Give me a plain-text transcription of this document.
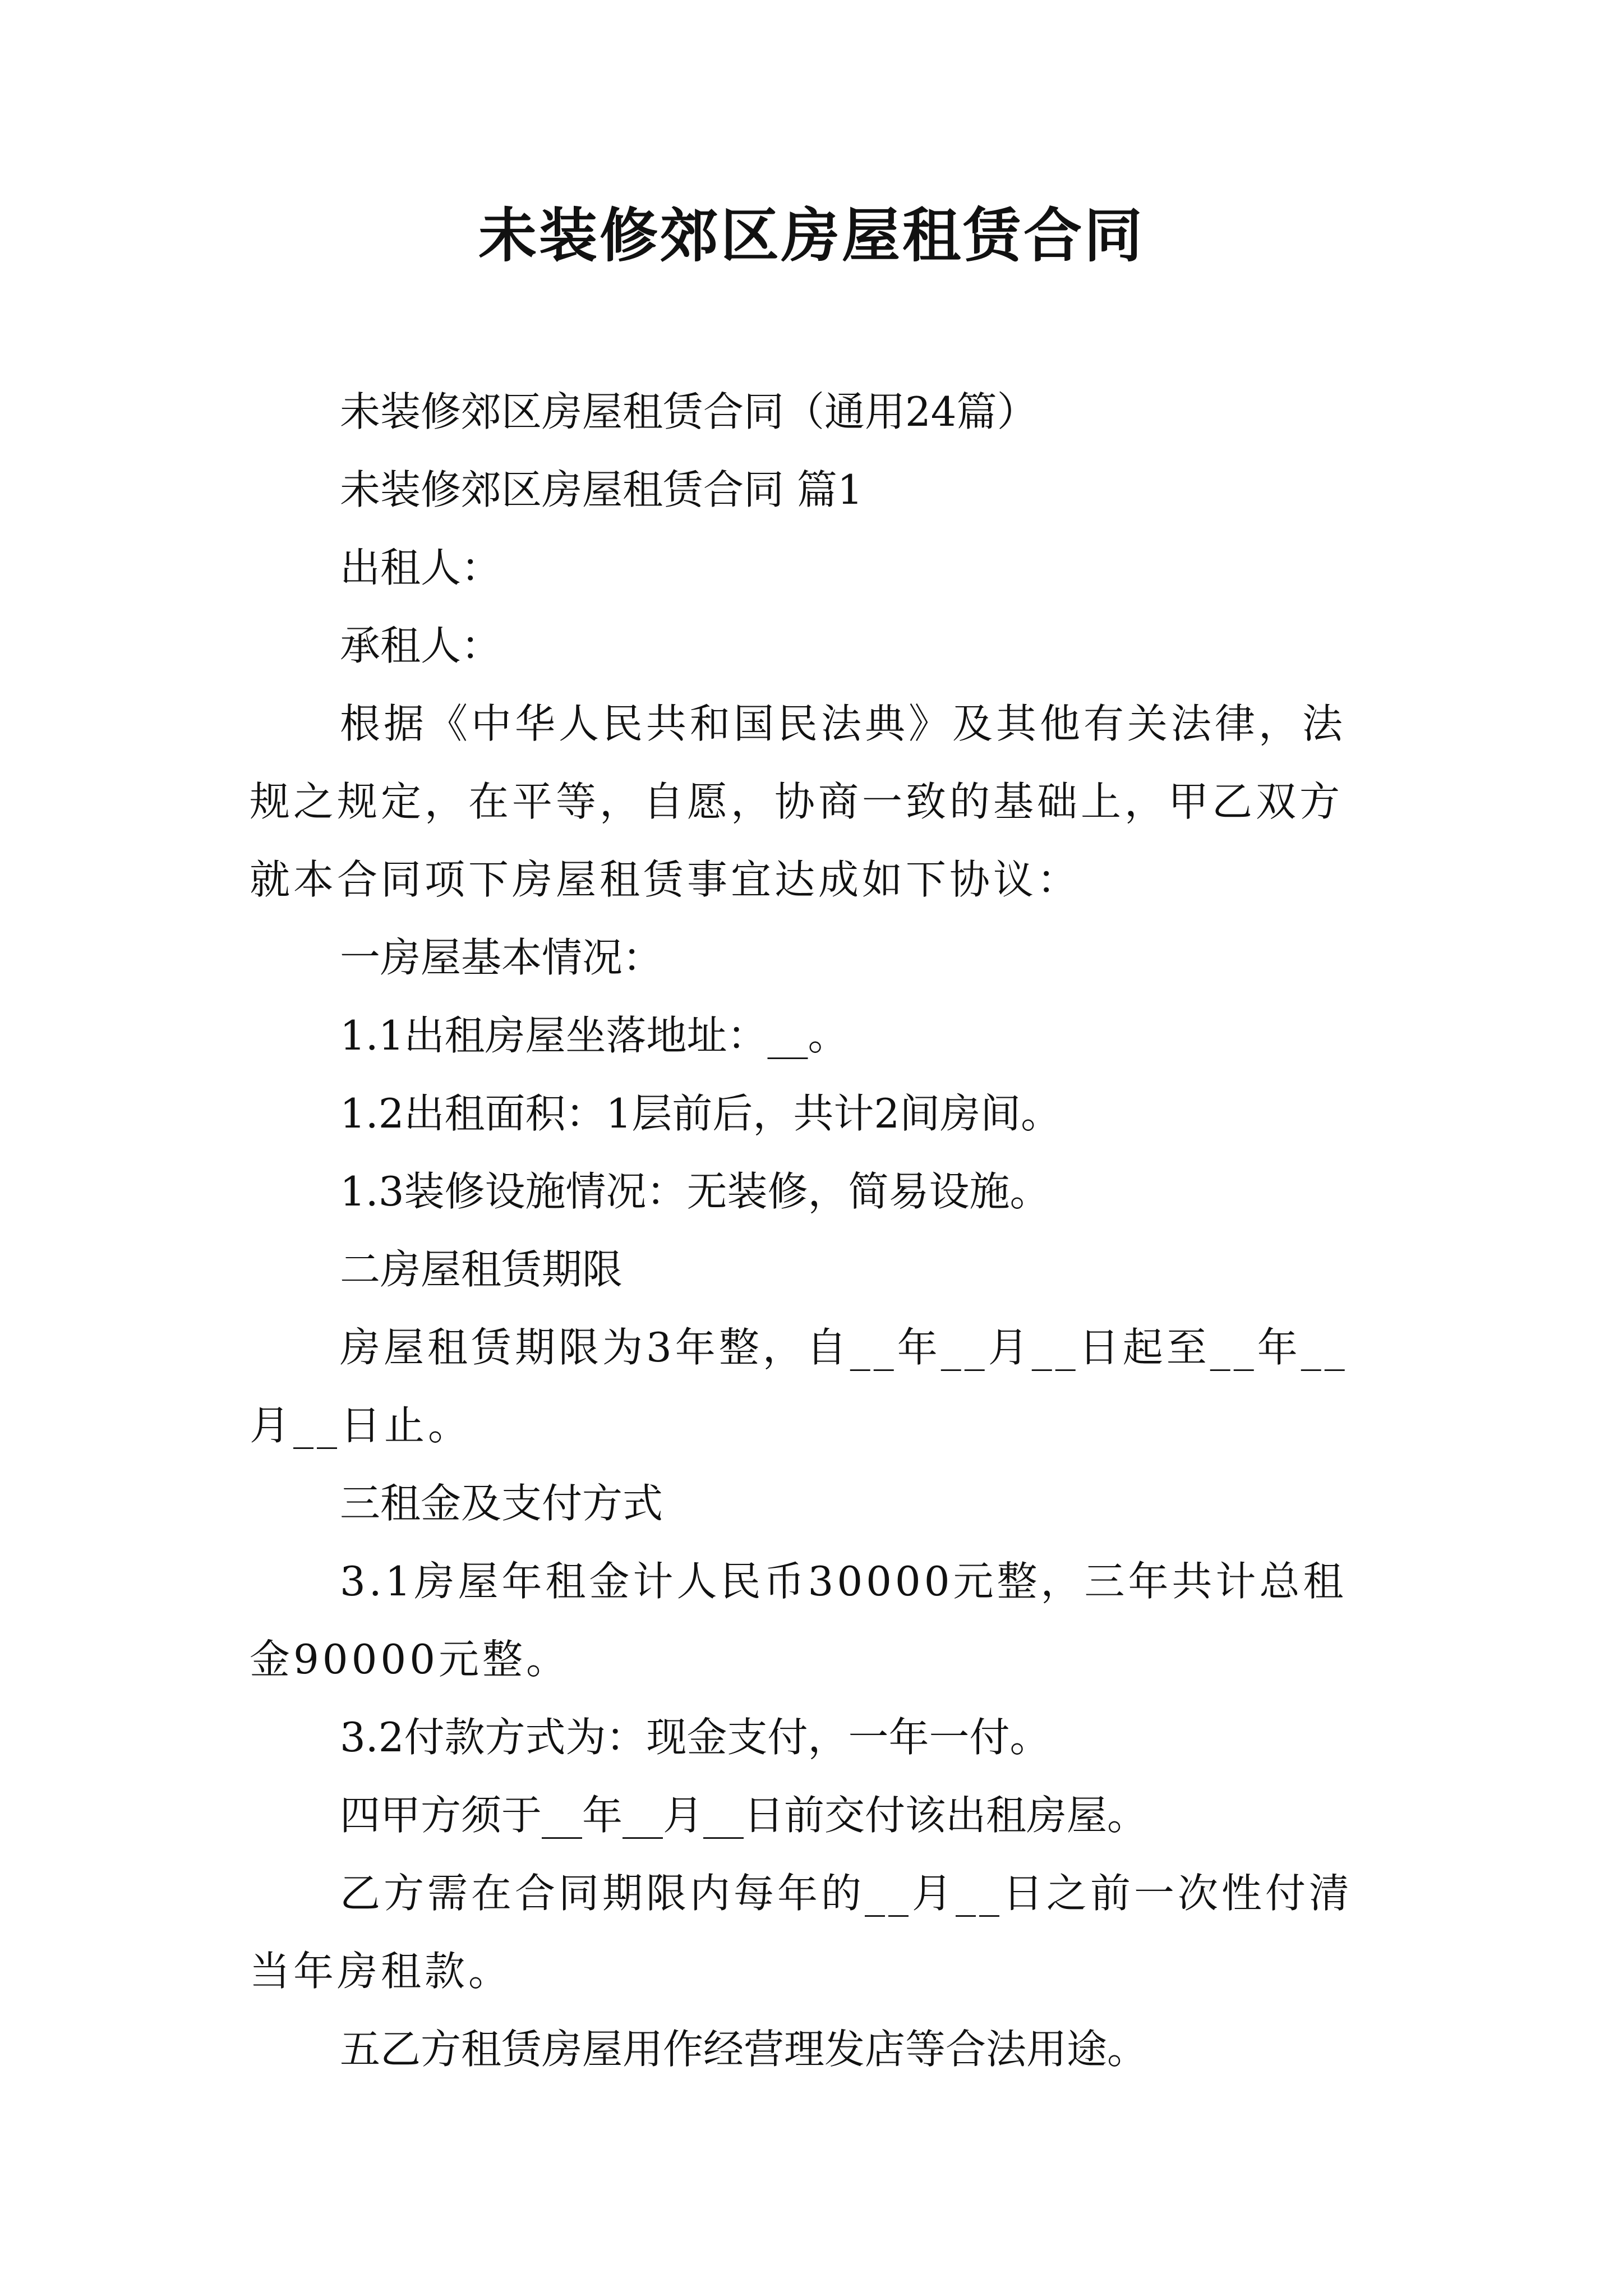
未装修郊区房屋租赁合同

未装修郊区房屋租赁合同（通用24篇）

未装修郊区房屋租赁合同 篇1

出租人：

承租人：

根据《中华人民共和国民法典》及其他有关法律，法规之规定，在平等，自愿，协商一致的基础上，甲乙双方就本合同项下房屋租赁事宜达成如下协议：

一房屋基本情况：

1.1出租房屋坐落地址：__。

1.2出租面积：1层前后，共计2间房间。

1.3装修设施情况：无装修，简易设施。

二房屋租赁期限

房屋租赁期限为3年整，自__年__月__日起至__年__月__日止。

三租金及支付方式

3.1房屋年租金计人民币30000元整，三年共计总租金90000元整。

3.2付款方式为：现金支付，一年一付。

四甲方须于__年__月__日前交付该出租房屋。

乙方需在合同期限内每年的__月__日之前一次性付清当年房租款。

五乙方租赁房屋用作经营理发店等合法用途。
